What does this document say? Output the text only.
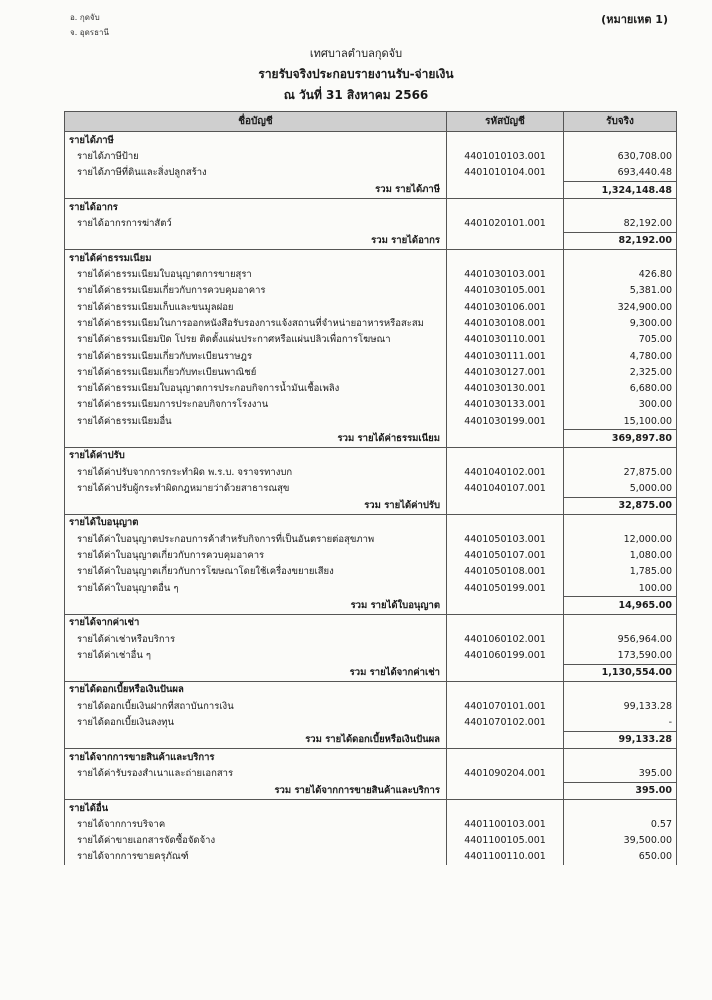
อ. กุดจับ
จ. อุดรธานี
(หมายเหต 1)
เทศบาลตำบลกุดจับ
รายรับจริงประกอบรายงานรับ-จ่ายเงิน
ณ วันที่ 31 สิงหาคม 2566
ชื่อบัญชี	รหัสบัญชี	รับจริง
รายได้ภาษี		
รายได้ภาษีป้าย	4401010103.001	630,708.00
รายได้ภาษีที่ดินและสิ่งปลูกสร้าง	4401010104.001	693,440.48
รวม รายได้ภาษี		1,324,148.48
รายได้อากร		
รายได้อากรการฆ่าสัตว์	4401020101.001	82,192.00
รวม รายได้อากร		82,192.00
รายได้ค่าธรรมเนียม		
รายได้ค่าธรรมเนียมใบอนุญาตการขายสุรา	4401030103.001	426.80
รายได้ค่าธรรมเนียมเกี่ยวกับการควบคุมอาคาร	4401030105.001	5,381.00
รายได้ค่าธรรมเนียมเก็บและขนมูลฝอย	4401030106.001	324,900.00
รายได้ค่าธรรมเนียมในการออกหนังสือรับรองการแจ้งสถานที่จำหน่ายอาหารหรือสะสม	4401030108.001	9,300.00
รายได้ค่าธรรมเนียมปิด โปรย ติดตั้งแผ่นประกาศหรือแผ่นปลิวเพื่อการโฆษณา	4401030110.001	705.00
รายได้ค่าธรรมเนียมเกี่ยวกับทะเบียนราษฎร	4401030111.001	4,780.00
รายได้ค่าธรรมเนียมเกี่ยวกับทะเบียนพาณิชย์	4401030127.001	2,325.00
รายได้ค่าธรรมเนียมใบอนุญาตการประกอบกิจการน้ำมันเชื้อเพลิง	4401030130.001	6,680.00
รายได้ค่าธรรมเนียมการประกอบกิจการโรงงาน	4401030133.001	300.00
รายได้ค่าธรรมเนียมอื่น	4401030199.001	15,100.00
รวม รายได้ค่าธรรมเนียม		369,897.80
รายได้ค่าปรับ		
รายได้ค่าปรับจากการกระทำผิด พ.ร.บ. จราจรทางบก	4401040102.001	27,875.00
รายได้ค่าปรับผู้กระทำผิดกฎหมายว่าด้วยสาธารณสุข	4401040107.001	5,000.00
รวม รายได้ค่าปรับ		32,875.00
รายได้ใบอนุญาต		
รายได้ค่าใบอนุญาตประกอบการค้าสำหรับกิจการที่เป็นอันตรายต่อสุขภาพ	4401050103.001	12,000.00
รายได้ค่าใบอนุญาตเกี่ยวกับการควบคุมอาคาร	4401050107.001	1,080.00
รายได้ค่าใบอนุญาตเกี่ยวกับการโฆษณาโดยใช้เครื่องขยายเสียง	4401050108.001	1,785.00
รายได้ค่าใบอนุญาตอื่น ๆ	4401050199.001	100.00
รวม รายได้ใบอนุญาต		14,965.00
รายได้จากค่าเช่า		
รายได้ค่าเช่าหรือบริการ	4401060102.001	956,964.00
รายได้ค่าเช่าอื่น ๆ	4401060199.001	173,590.00
รวม รายได้จากค่าเช่า		1,130,554.00
รายได้ดอกเบี้ยหรือเงินปันผล		
รายได้ดอกเบี้ยเงินฝากที่สถาบันการเงิน	4401070101.001	99,133.28
รายได้ดอกเบี้ยเงินลงทุน	4401070102.001	-
รวม รายได้ดอกเบี้ยหรือเงินปันผล		99,133.28
รายได้จากการขายสินค้าและบริการ		
รายได้ค่ารับรองสำเนาและถ่ายเอกสาร	4401090204.001	395.00
รวม รายได้จากการขายสินค้าและบริการ		395.00
รายได้อื่น		
รายได้จากการบริจาค	4401100103.001	0.57
รายได้ค่าขายเอกสารจัดซื้อจัดจ้าง	4401100105.001	39,500.00
รายได้จากการขายครุภัณฑ์	4401100110.001	650.00
